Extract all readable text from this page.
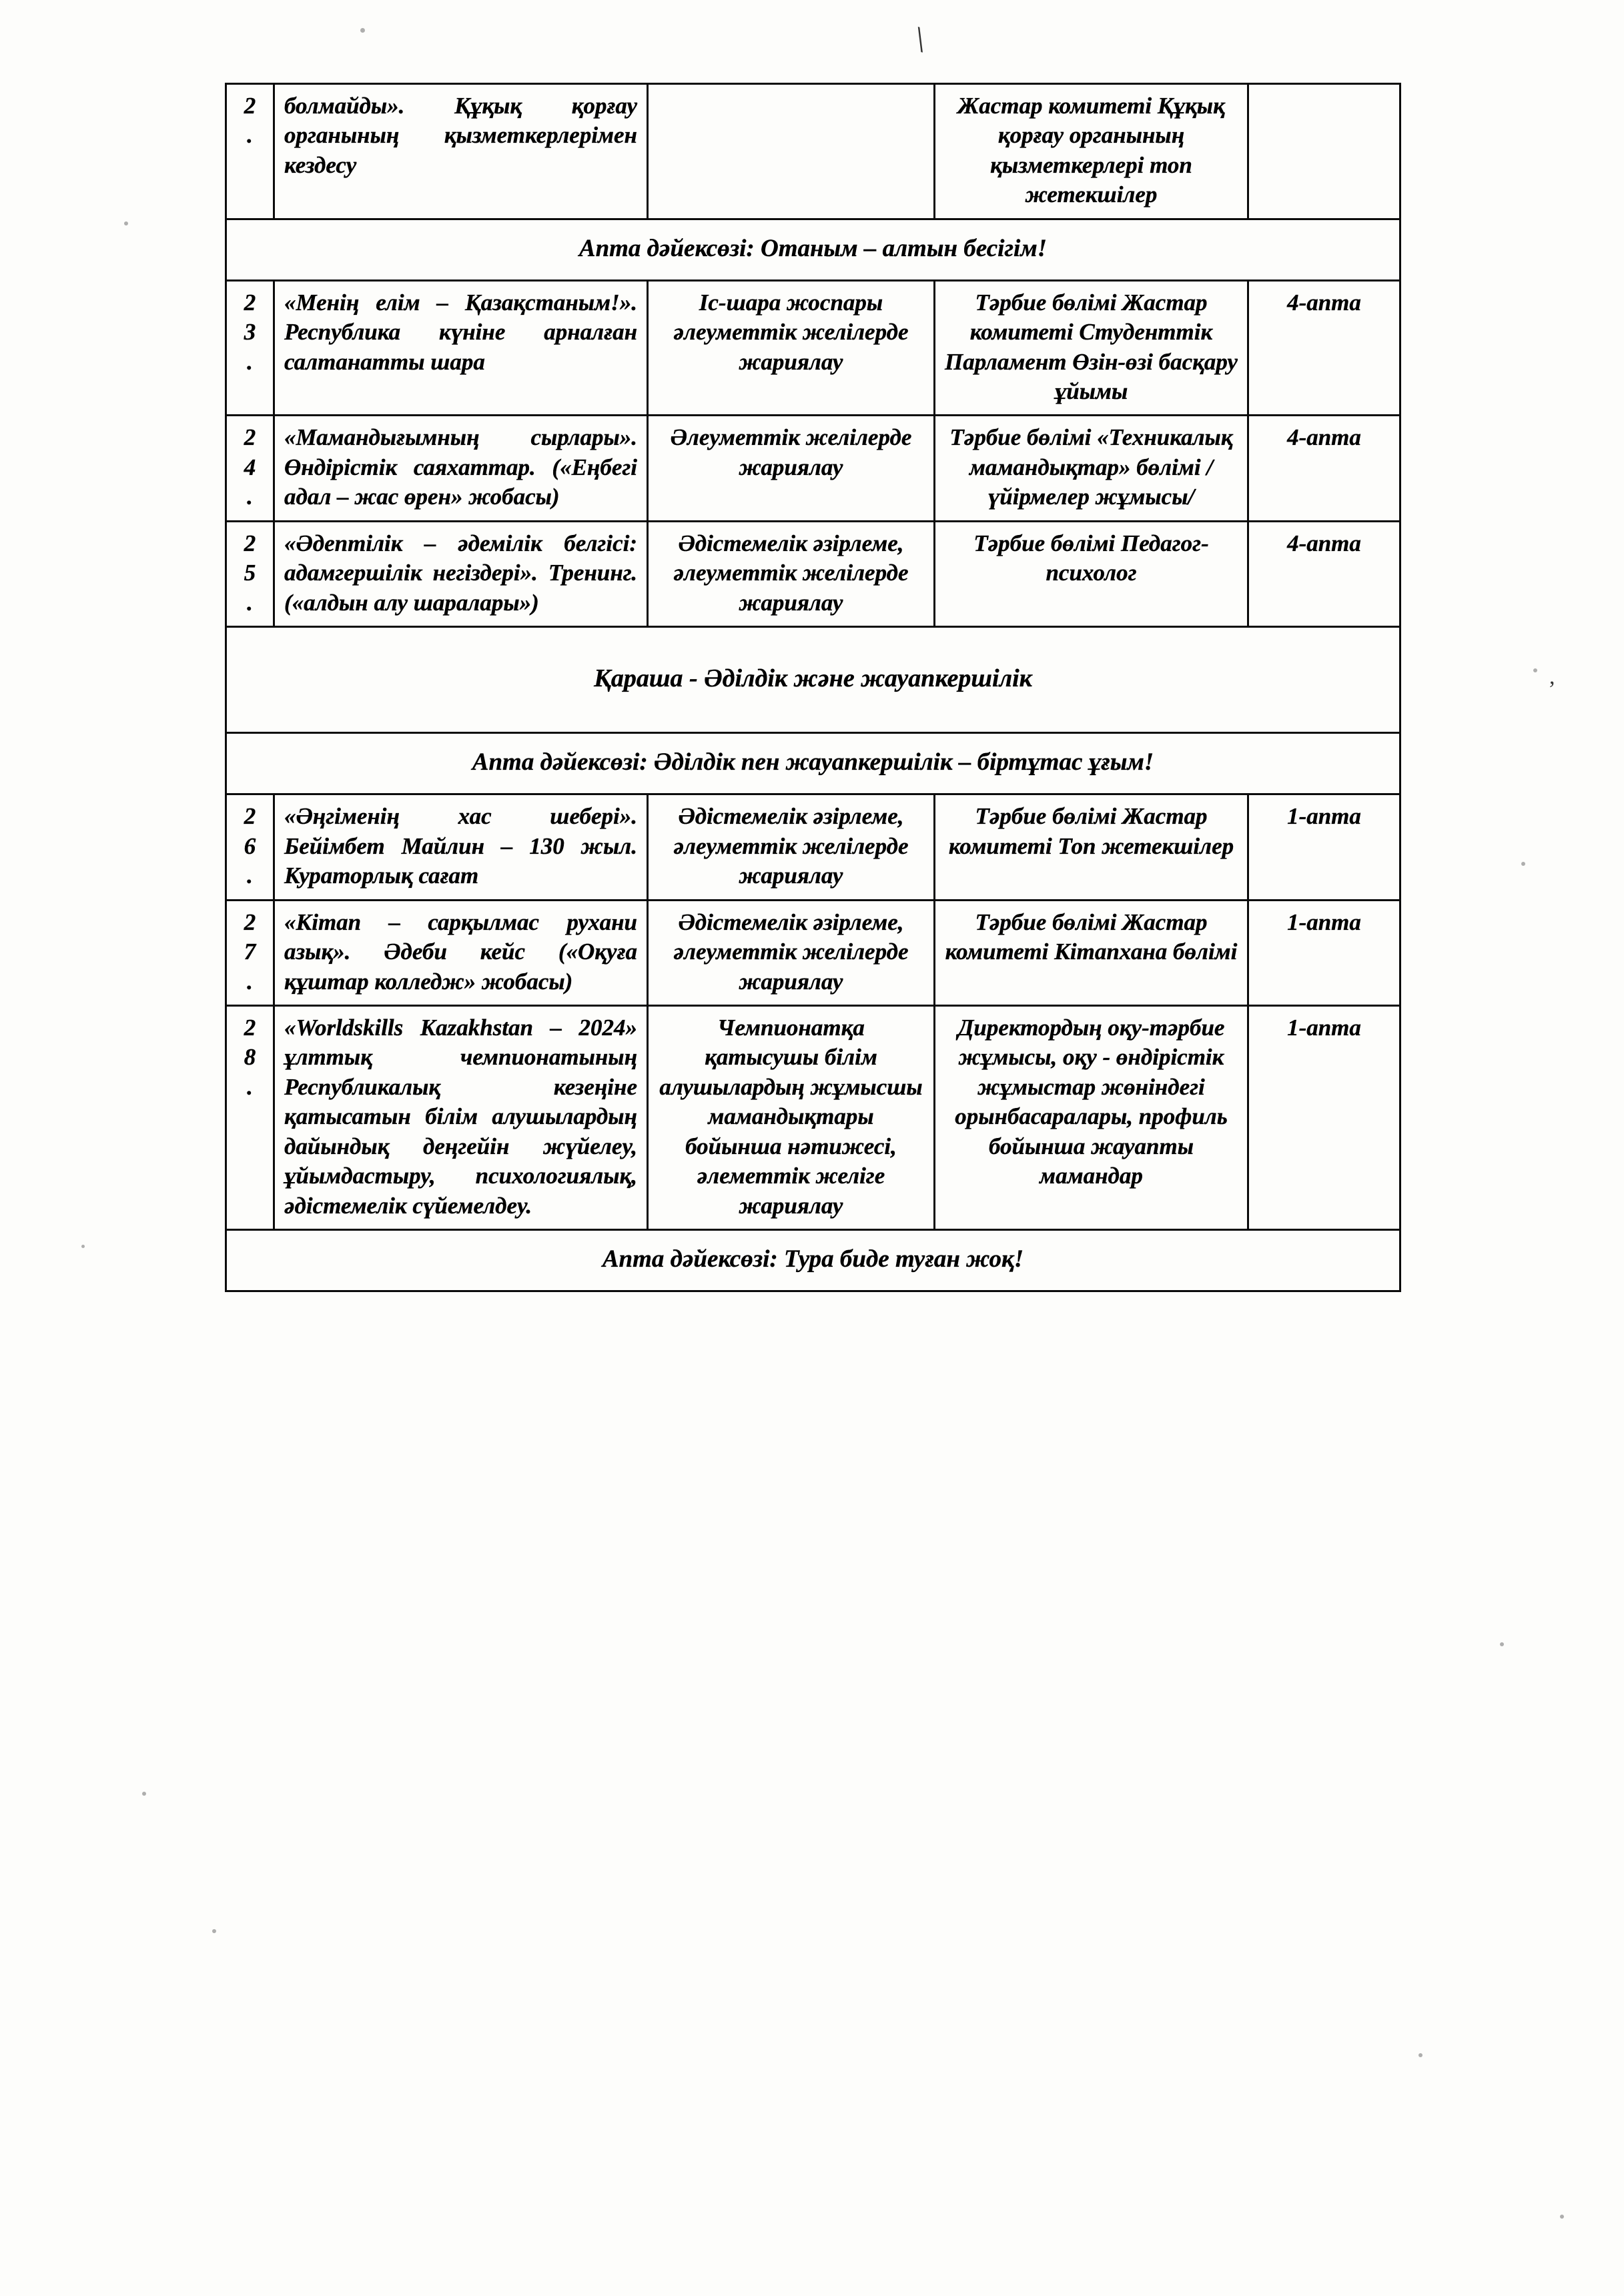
\
,
2
.	болмайды». Құқық қорғау органының қызметкерлерімен кездесу		Жастар комитеті Құқық қорғау органының қызметкерлері топ жетекшілер	
Апта дәйексөзі: Отаным – алтын бесігім!				

2
3
.	«Менің елім – Қазақстаным!». Республика күніне арналған салтанатты шара	Іс-шара жоспары әлеуметтік желілерде жариялау	Тәрбие бөлімі Жастар комитеті Студенттік Парламент Өзін-өзі басқару ұйымы	4-апта

2
4
.	«Мамандығымның сырлары». Өндірістік саяхаттар. («Еңбегі адал – жас өрен» жобасы)	Әлеуметтік желілерде жариялау	Тәрбие бөлімі «Техникалық мамандықтар» бөлімі /үйірмелер жұмысы/	4-апта

2
5
.	«Әдептілік – әдемілік белгісі: адамгершілік негіздері». Тренинг. («алдын алу шаралары»)	Әдістемелік әзірлеме, әлеуметтік желілерде жариялау	Тәрбие бөлімі Педагог-психолог	4-апта
Қараша - Әділдік және жауапкершілік				
Апта дәйексөзі: Әділдік пен жауапкершілік – біртұтас ұғым!				

2
6
.	«Әңгіменің хас шебері». Бейімбет Майлин – 130 жыл. Кураторлық сағат	Әдістемелік әзірлеме, әлеуметтік желілерде жариялау	Тәрбие бөлімі Жастар комитеті Топ жетекшілер	1-апта

2
7
.	«Кітап – сарқылмас рухани азық». Әдеби кейс («Оқуға құштар колледж» жобасы)	Әдістемелік әзірлеме, әлеуметтік желілерде жариялау	Тәрбие бөлімі Жастар комитеті Кітапхана бөлімі	1-апта

2
8
.	«Worldskills Kazakhstan – 2024» ұлттық чемпионатының Республикалық кезеңіне қатысатын білім алушылардың дайындық деңгейін жүйелеу, ұйымдастыру, психологиялық, әдістемелік сүйемелдеу.	Чемпионатқа қатысушы білім алушылардың жұмысшы мамандықтары бойынша нәтижесі, әлеметтік желіге жариялау	Директордың оқу-тәрбие жұмысы, оқу - өндірістік жұмыстар жөніндегі орынбасаралары, профиль бойынша жауапты мамандар	1-апта
Апта дәйексөзі: Тура биде туған жоқ!				
